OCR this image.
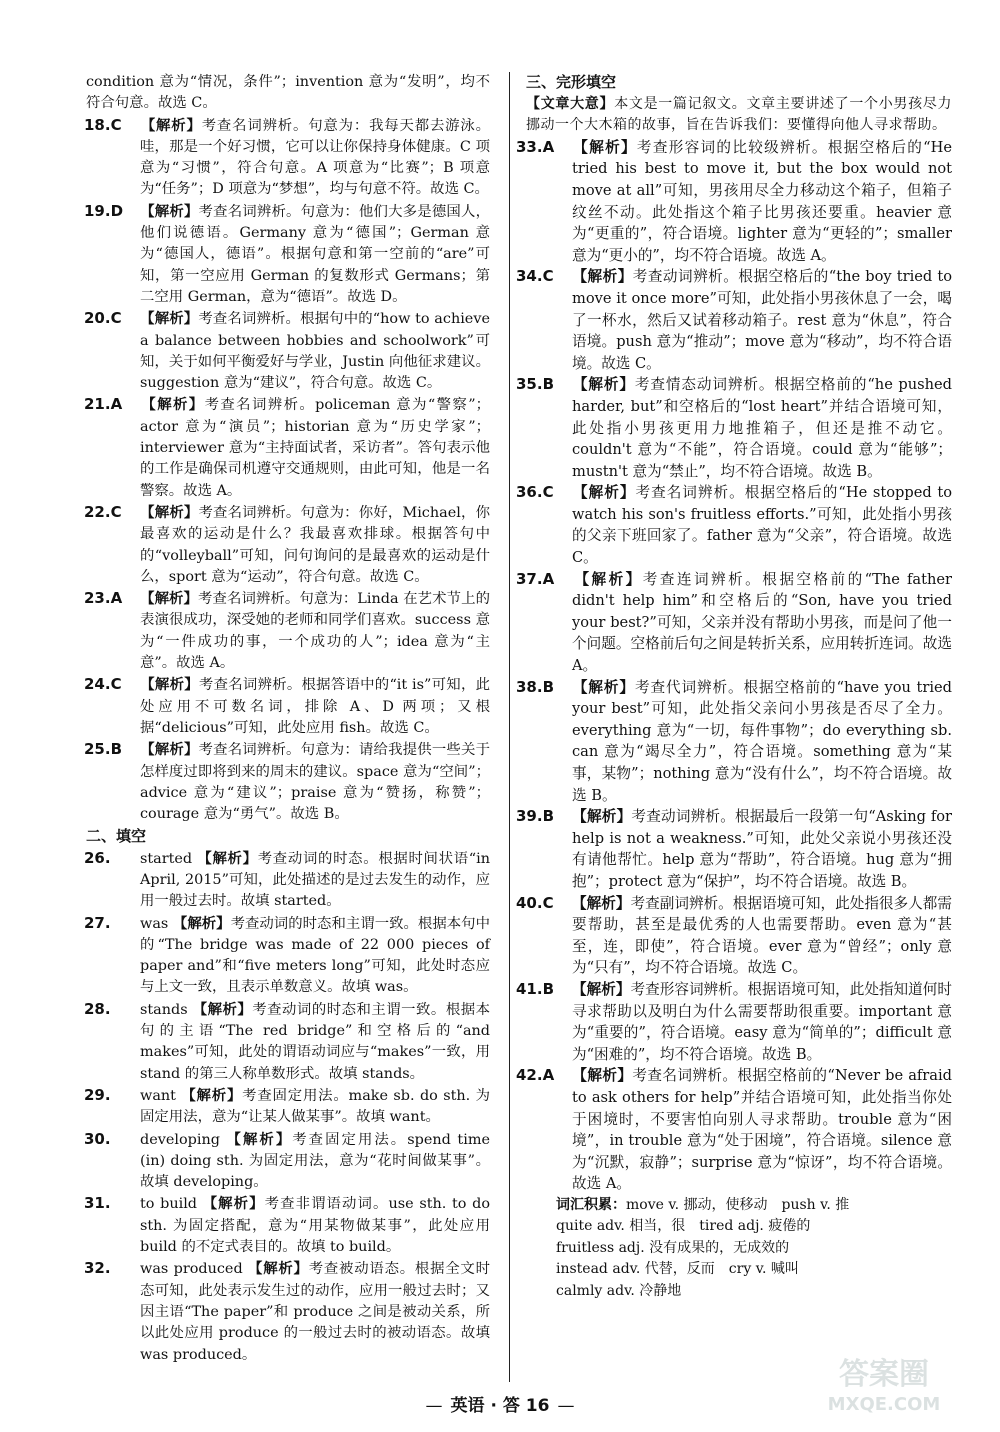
condition 意为“情况，条件”；invention 意为“发明”，均不符合句意。故选 C。

18.C 【解析】考查名词辨析。句意为：我每天都去游泳。哇，那是一个好习惯，它可以让你保持身体健康。C 项意为“习惯”，符合句意。A 项意为“比赛”；B 项意为“任务”；D 项意为“梦想”，均与句意不符。故选 C。

19.D 【解析】考查名词辨析。句意为：他们大多是德国人，他们说德语。Germany 意为“德国”；German 意为“德国人，德语”。根据句意和第一空前的“are”可知，第一空应用 German 的复数形式 Germans；第二空用 German，意为“德语”。故选 D。

20.C 【解析】考查名词辨析。根据句中的“how to achieve a balance between hobbies and schoolwork”可知，关于如何平衡爱好与学业，Justin 向他征求建议。suggestion 意为“建议”，符合句意。故选 C。

21.A 【解析】考查名词辨析。policeman 意为“警察”；actor 意为“演员”；historian 意为“历史学家”；interviewer 意为“主持面试者，采访者”。答句表示他的工作是确保司机遵守交通规则，由此可知，他是一名警察。故选 A。

22.C 【解析】考查名词辨析。句意为：你好，Michael，你最喜欢的运动是什么？我最喜欢排球。根据答句中的“volleyball”可知，问句询问的是最喜欢的运动是什么，sport 意为“运动”，符合句意。故选 C。

23.A 【解析】考查名词辨析。句意为：Linda 在艺术节上的表演很成功，深受她的老师和同学们喜欢。success 意为“一件成功的事，一个成功的人”；idea 意为“主意”。故选 A。

24.C 【解析】考查名词辨析。根据答语中的“it is”可知，此处应用不可数名词，排除 A、D 两项；又根据“delicious”可知，此处应用 fish。故选 C。

25.B 【解析】考查名词辨析。句意为：请给我提供一些关于怎样度过即将到来的周末的建议。space 意为“空间”；advice 意为“建议”；praise 意为“赞扬，称赞”；courage 意为“勇气”。故选 B。

二、填空

26. started 【解析】考查动词的时态。根据时间状语“in April, 2015”可知，此处描述的是过去发生的动作，应用一般过去时。故填 started。

27. was 【解析】考查动词的时态和主谓一致。根据本句中的“The bridge was made of 22 000 pieces of paper and”和“five meters long”可知，此处时态应与上文一致，且表示单数意义。故填 was。

28. stands 【解析】考查动词的时态和主谓一致。根据本句的主语“The red bridge”和空格后的“and makes”可知，此处的谓语动词应与“makes”一致，用 stand 的第三人称单数形式。故填 stands。

29. want 【解析】考查固定用法。make sb. do sth. 为固定用法，意为“让某人做某事”。故填 want。

30. developing 【解析】考查固定用法。spend time (in) doing sth. 为固定用法，意为“花时间做某事”。故填 developing。

31. to build 【解析】考查非谓语动词。use sth. to do sth. 为固定搭配，意为“用某物做某事”，此处应用 build 的不定式表目的。故填 to build。

32. was produced 【解析】考查被动语态。根据全文时态可知，此处表示发生过的动作，应用一般过去时；又因主语“The paper”和 produce 之间是被动关系，所以此处应用 produce 的一般过去时的被动语态。故填 was produced。

三、完形填空

【文章大意】本文是一篇记叙文。文章主要讲述了一个小男孩尽力挪动一个大木箱的故事，旨在告诉我们：要懂得向他人寻求帮助。

33.A 【解析】考查形容词的比较级辨析。根据空格后的“He tried his best to move it, but the box would not move at all”可知，男孩用尽全力移动这个箱子，但箱子纹丝不动。此处指这个箱子比男孩还要重。heavier 意为“更重的”，符合语境。lighter 意为“更轻的”；smaller 意为“更小的”，均不符合语境。故选 A。

34.C 【解析】考查动词辨析。根据空格后的“the boy tried to move it once more”可知，此处指小男孩休息了一会，喝了一杯水，然后又试着移动箱子。rest 意为“休息”，符合语境。push 意为“推动”；move 意为“移动”，均不符合语境。故选 C。

35.B 【解析】考查情态动词辨析。根据空格前的“he pushed harder, but”和空格后的“lost heart”并结合语境可知，此处指小男孩更用力地推箱子，但还是推不动它。couldn't 意为“不能”，符合语境。could 意为“能够”；mustn't 意为“禁止”，均不符合语境。故选 B。

36.C 【解析】考查名词辨析。根据空格后的“He stopped to watch his son's fruitless efforts.”可知，此处指小男孩的父亲下班回家了。father 意为“父亲”，符合语境。故选 C。

37.A 【解析】考查连词辨析。根据空格前的“The father didn't help him”和空格后的“Son, have you tried your best?”可知，父亲并没有帮助小男孩，而是问了他一个问题。空格前后句之间是转折关系，应用转折连词。故选 A。

38.B 【解析】考查代词辨析。根据空格前的“have you tried your best”可知，此处指父亲问小男孩是否尽了全力。everything 意为“一切，每件事物”；do everything sb. can 意为“竭尽全力”，符合语境。something 意为“某事，某物”；nothing 意为“没有什么”，均不符合语境。故选 B。

39.B 【解析】考查动词辨析。根据最后一段第一句“Asking for help is not a weakness.”可知，此处父亲说小男孩还没有请他帮忙。help 意为“帮助”，符合语境。hug 意为“拥抱”；protect 意为“保护”，均不符合语境。故选 B。

40.C 【解析】考查副词辨析。根据语境可知，此处指很多人都需要帮助，甚至是最优秀的人也需要帮助。even 意为“甚至，连，即使”，符合语境。ever 意为“曾经”；only 意为“只有”，均不符合语境。故选 C。

41.B 【解析】考查形容词辨析。根据语境可知，此处指知道何时寻求帮助以及明白为什么需要帮助很重要。important 意为“重要的”，符合语境。easy 意为“简单的”；difficult 意为“困难的”，均不符合语境。故选 B。

42.A 【解析】考查名词辨析。根据空格前的“Never be afraid to ask others for help”并结合语境可知，此处指当你处于困境时，不要害怕向别人寻求帮助。trouble 意为“困境”，in trouble 意为“处于困境”，符合语境。silence 意为“沉默，寂静”；surprise 意为“惊讶”，均不符合语境。故选 A。

词汇积累：move v. 挪动，使移动　push v. 推

quite adv. 相当，很　tired adj. 疲倦的

fruitless adj. 没有成果的，无成效的

instead adv. 代替，反而　cry v. 喊叫

calmly adv. 冷静地

— 英语 · 答 16 —
答案圈
MXQE.COM
